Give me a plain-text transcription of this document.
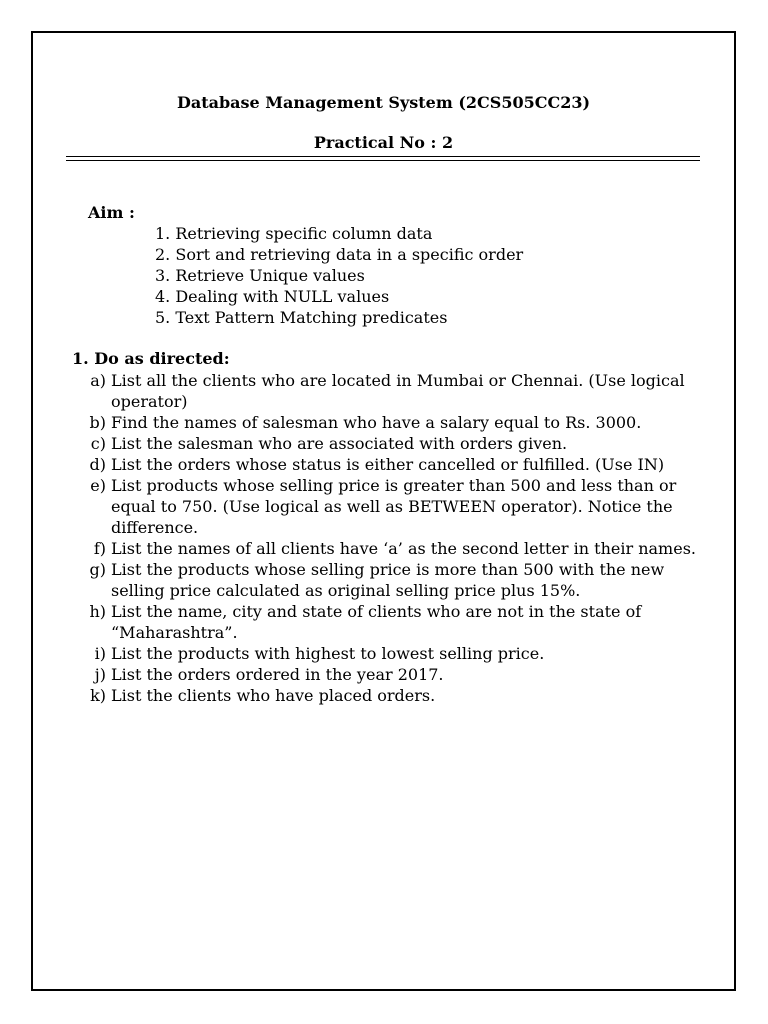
Database Management System (2CS505CC23)
Practical No : 2
Aim :
1. Retrieving specific column data
2. Sort and retrieving data in a specific order
3. Retrieve Unique values
4. Dealing with NULL values
5. Text Pattern Matching predicates
1. Do as directed:
a) List all the clients who are located in Mumbai or Chennai. (Use logical operator)
b) Find the names of salesman who have a salary equal to Rs. 3000.
c) List the salesman who are associated with orders given.
d) List the orders whose status is either cancelled or fulfilled. (Use IN)
e) List products whose selling price is greater than 500 and less than or equal to 750. (Use logical as well as BETWEEN operator). Notice the difference.
f) List the names of all clients have ‘a’ as the second letter in their names.
g) List the products whose selling price is more than 500 with the new selling price calculated as original selling price plus 15%.
h) List the name, city and state of clients who are not in the state of “Maharashtra”.
i) List the products with highest to lowest selling price.
j) List the orders ordered in the year 2017.
k) List the clients who have placed orders.
